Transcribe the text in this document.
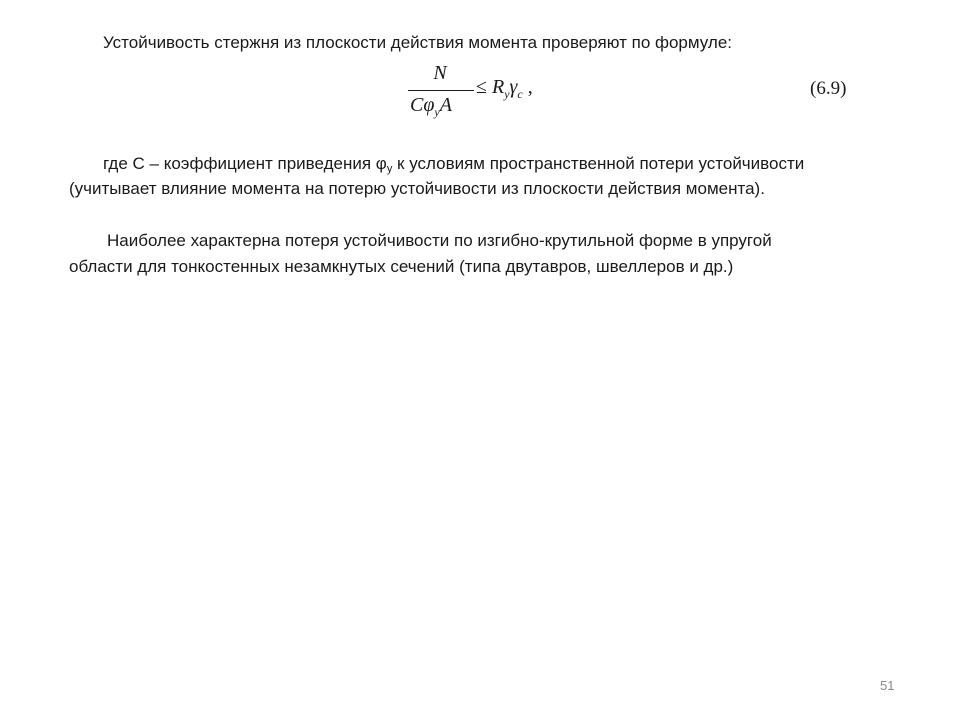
Устойчивость стержня из плоскости действия момента проверяют по формуле:
N
$C\varphi_yA$
≤ $R_y\gamma_c$ ,	(6.9)
где С – коэффициент приведения φу к условиям пространственной потери устойчивости
(учитывает влияние момента на потерю устойчивости из плоскости действия момента).
Наиболее характерна потеря устойчивости по изгибно-крутильной форме в упругой
области для тонкостенных незамкнутых сечений (типа двутавров, швеллеров и др.)
51
